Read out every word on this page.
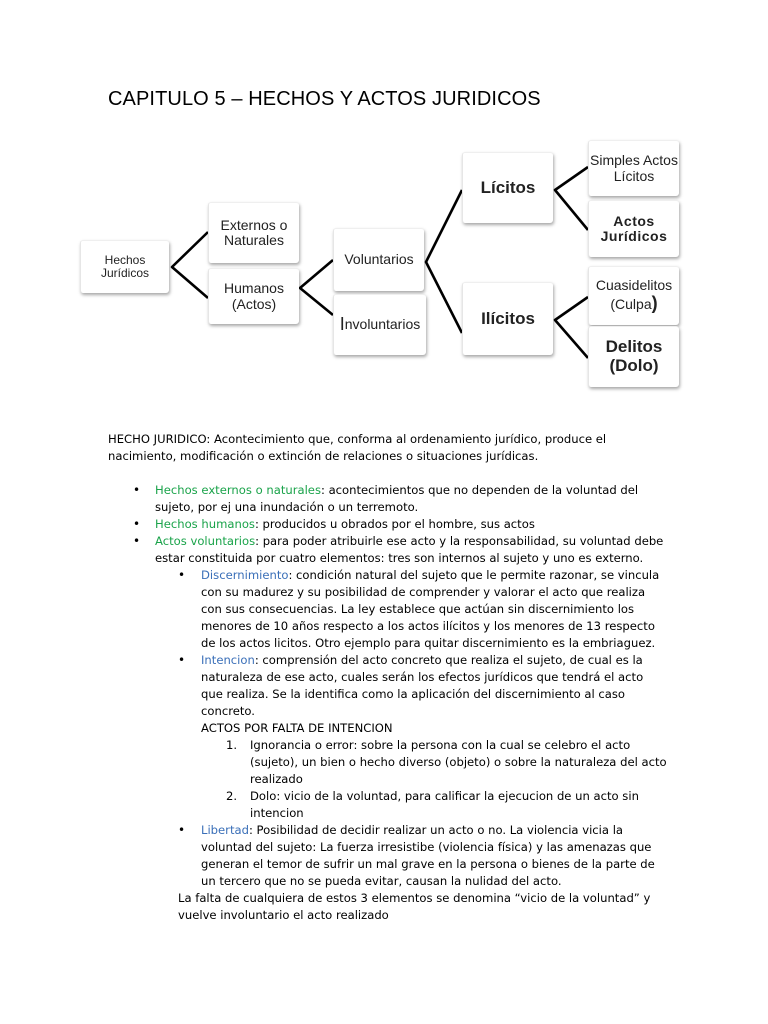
CAPITULO 5 – HECHOS Y ACTOS JURIDICOS
Hechos Jurídicos
Externos o Naturales
Humanos (Actos)
Voluntarios
I nvoluntarios
Lícitos
Ilícitos
Simples Actos Lícitos
Actos
Jurídicos
Cuasidelitos
(Culpa)
Delitos
(Dolo)

HECHO JURIDICO: Acontecimiento que, conforma al ordenamiento jurídico, produce el nacimiento, modificación o extinción de relaciones o situaciones jurídicas.

• Hechos externos o naturales: acontecimientos que no dependen de la voluntad del sujeto, por ej una inundación o un terremoto.
• Hechos humanos: producidos u obrados por el hombre, sus actos
• Actos voluntarios: para poder atribuirle ese acto y la responsabilidad, su voluntad debe estar constituida por cuatro elementos: tres son internos al sujeto y uno es externo.
• Discernimiento: condición natural del sujeto que le permite razonar, se vincula con su madurez y su posibilidad de comprender y valorar el acto que realiza con sus consecuencias. La ley establece que actúan sin discernimiento los menores de 10 años respecto a los actos ilícitos y los menores de 13 respecto de los actos licitos. Otro ejemplo para quitar discernimiento es la embriaguez.
• Intencion: comprensión del acto concreto que realiza el sujeto, de cual es la naturaleza de ese acto, cuales serán los efectos jurídicos que tendrá el acto que realiza. Se la identifica como la aplicación del discernimiento al caso concreto.
ACTOS POR FALTA DE INTENCION
1. Ignorancia o error: sobre la persona con la cual se celebro el acto (sujeto), un bien o hecho diverso (objeto) o sobre la naturaleza del acto realizado
2. Dolo: vicio de la voluntad, para calificar la ejecucion de un acto sin intencion
• Libertad: Posibilidad de decidir realizar un acto o no. La violencia vicia la voluntad del sujeto: La fuerza irresistibe (violencia física) y las amenazas que generan el temor de sufrir un mal grave en la persona o bienes de la parte de un tercero que no se pueda evitar, causan la nulidad del acto.
La falta de cualquiera de estos 3 elementos se denomina “vicio de la voluntad” y vuelve involuntario el acto realizado
